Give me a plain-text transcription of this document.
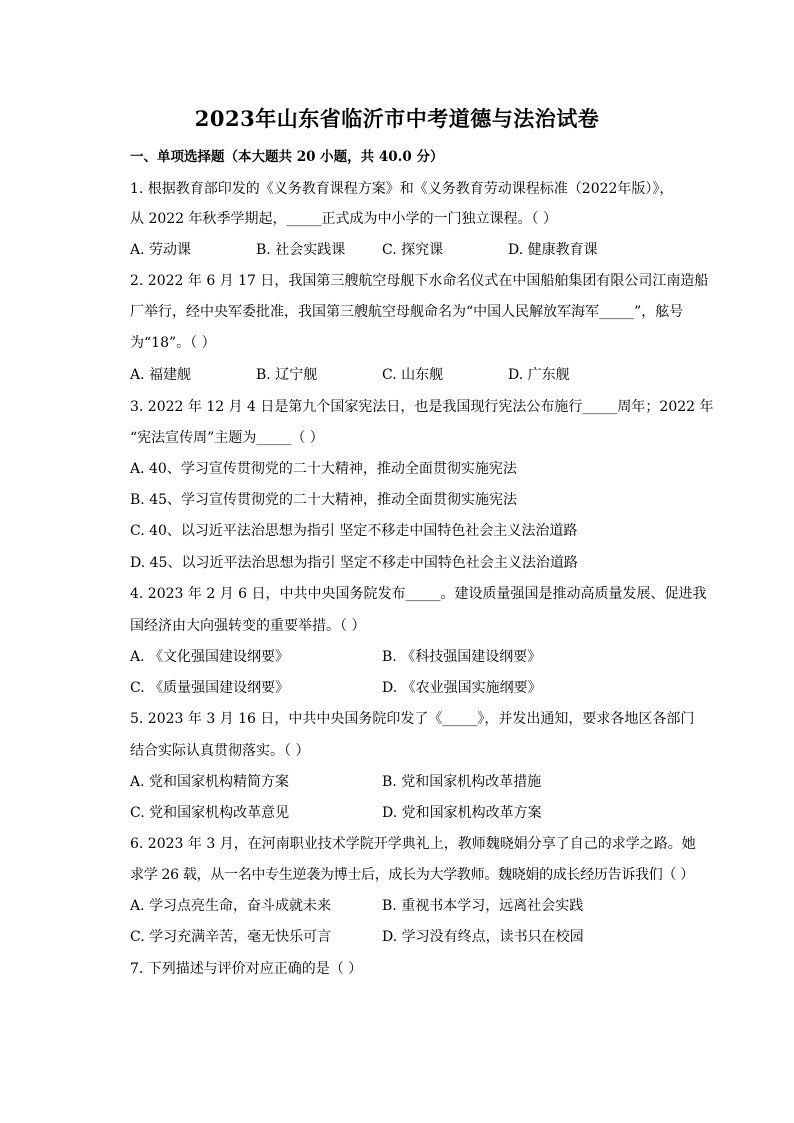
2023年山东省临沂市中考道德与法治试卷
一、单项选择题（本大题共 20 小题，共 40.0 分）
1. 根据教育部印发的《义务教育课程方案》和《义务教育劳动课程标准（2022年版）》，
从 2022 年秋季学期起，_____正式成为中小学的一门独立课程。（ ）
A. 劳动课	B. 社会实践课	C. 探究课	D. 健康教育课
2. 2022 年 6 月 17 日，我国第三艘航空母舰下水命名仪式在中国船舶集团有限公司江南造船
厂举行，经中央军委批准，我国第三艘航空母舰命名为“中国人民解放军海军_____”，舷号
为“18”。（ ）
A. 福建舰	B. 辽宁舰	C. 山东舰	D. 广东舰
3. 2022 年 12 月 4 日是第九个国家宪法日，也是我国现行宪法公布施行_____周年；2022 年
“宪法宣传周”主题为_____（ ）
A. 40、学习宣传贯彻党的二十大精神，推动全面贯彻实施宪法
B. 45、学习宣传贯彻党的二十大精神，推动全面贯彻实施宪法
C. 40、以习近平法治思想为指引 坚定不移走中国特色社会主义法治道路
D. 45、以习近平法治思想为指引 坚定不移走中国特色社会主义法治道路
4. 2023 年 2 月 6 日，中共中央国务院发布_____。建设质量强国是推动高质量发展、促进我
国经济由大向强转变的重要举措。（ ）
A. 《文化强国建设纲要》	B. 《科技强国建设纲要》
C. 《质量强国建设纲要》	D. 《农业强国实施纲要》
5. 2023 年 3 月 16 日，中共中央国务院印发了《_____》，并发出通知，要求各地区各部门
结合实际认真贯彻落实。（ ）
A. 党和国家机构精简方案	B. 党和国家机构改革措施
C. 党和国家机构改革意见	D. 党和国家机构改革方案
6. 2023 年 3 月，在河南职业技术学院开学典礼上，教师魏晓娟分享了自己的求学之路。她
求学 26 载，从一名中专生逆袭为博士后，成长为大学教师。魏晓娟的成长经历告诉我们（ ）
A. 学习点亮生命，奋斗成就未来	B. 重视书本学习，远离社会实践
C. 学习充满辛苦，毫无快乐可言	D. 学习没有终点，读书只在校园
7. 下列描述与评价对应正确的是（ ）
